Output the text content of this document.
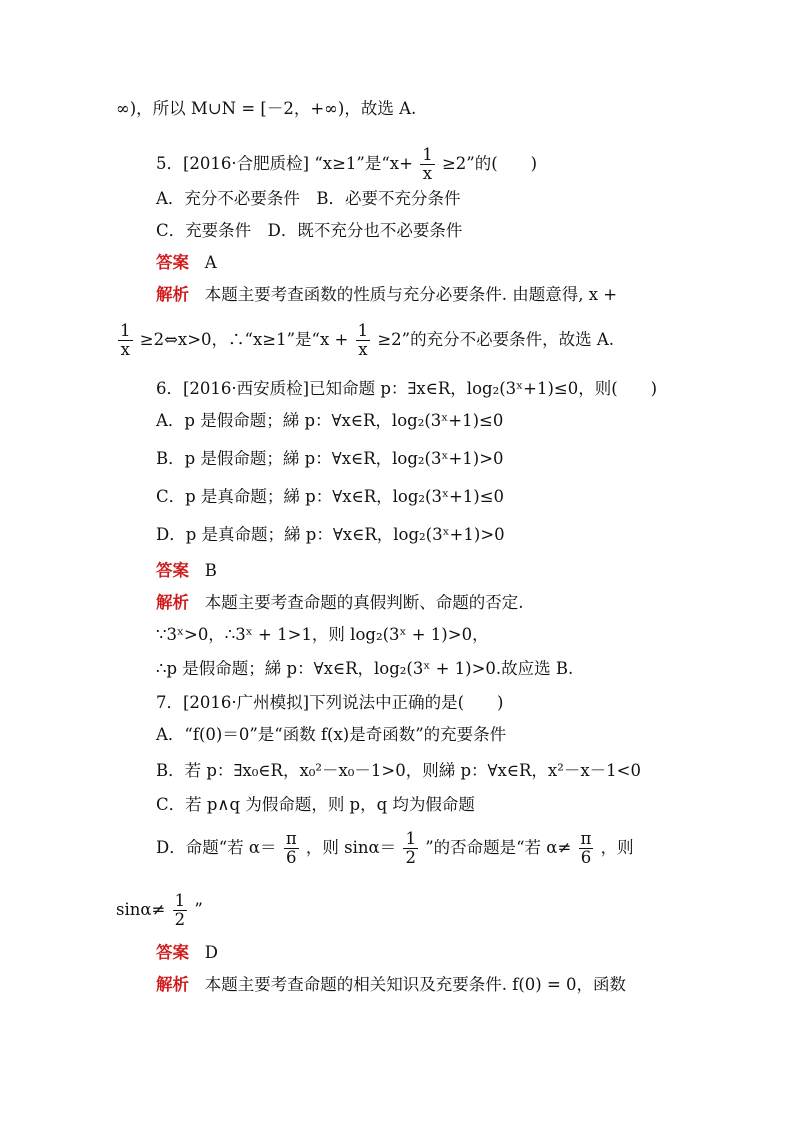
∞)，所以 M∪N = [－2，+∞)，故选 A.
5．[2016·合肥质检] “x≥1”是“$x+ \frac{1}{x} \ge 2$”的(　　)
A．充分不必要条件　B．必要不充分条件
C．充要条件　D．既不充分也不必要条件
答案 A
解析 本题主要考查函数的性质与充分必要条件. 由题意得, x +
$\frac{1}{x}$ ≥2⇔x>0，∴“x≥1”是“$x + \frac{1}{x} \ge 2$”的充分不必要条件，故选 A.
6．[2016·西安质检]已知命题 p：∃x∈R，log₂(3ˣ+1)≤0，则(　　)
A．p 是假命题；綈 p：∀x∈R，log₂(3ˣ+1)≤0
B．p 是假命题；綈 p：∀x∈R，log₂(3ˣ+1)>0
C．p 是真命题；綈 p：∀x∈R，log₂(3ˣ+1)≤0
D．p 是真命题；綈 p：∀x∈R，log₂(3ˣ+1)>0
答案 B
解析 本题主要考查命题的真假判断、命题的否定.
∵3ˣ>0，∴3ˣ + 1>1，则 log₂(3ˣ + 1)>0，
∴p 是假命题；綈 p：∀x∈R，log₂(3ˣ + 1)>0.故应选 B.
7．[2016·广州模拟]下列说法中正确的是(　　)
A．“f(0)＝0”是“函数 f(x)是奇函数”的充要条件
B．若 p：∃x₀∈R，x₀²－x₀－1>0，则綈 p：∀x∈R，x²－x－1<0
C．若 p∧q 为假命题，则 p，q 均为假命题
D．命题“若 $\alpha= \frac{\pi}{6}$ ，则 $\sin\alpha= \frac{1}{2}$ ”的否命题是“若 $\alpha\ne \frac{\pi}{6}$ ，则
$\sin\alpha\ne \frac{1}{2}$ ”
答案 D
解析 本题主要考查命题的相关知识及充要条件. f(0) = 0，函数
